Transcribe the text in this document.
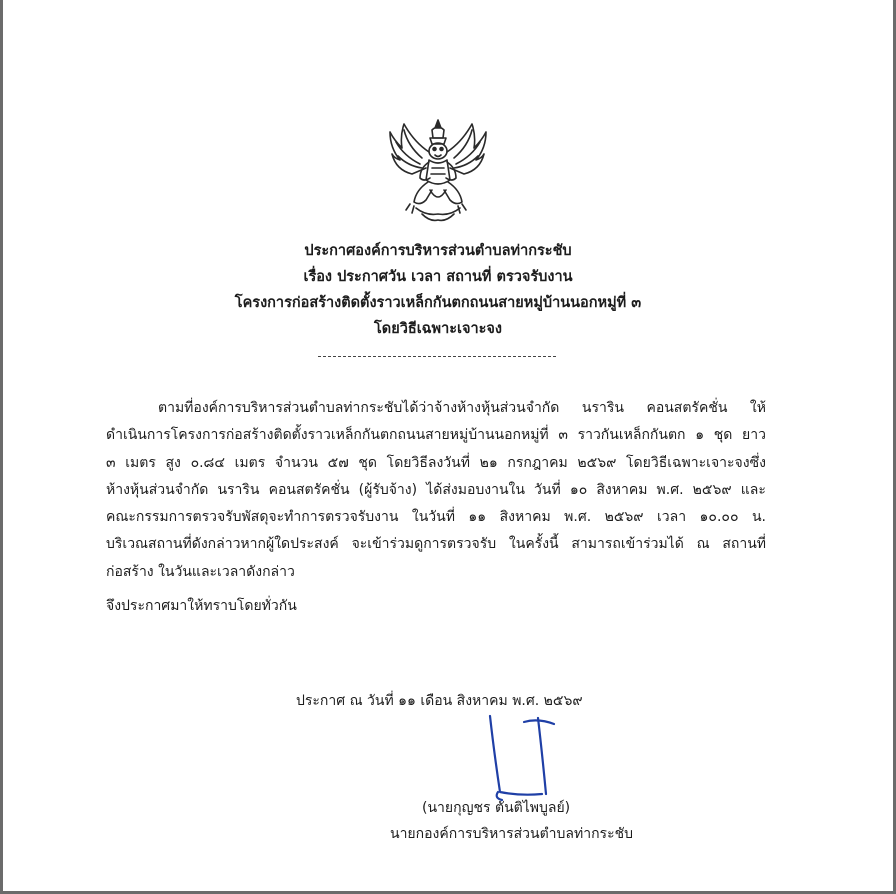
ประกาศองค์การบริหารส่วนตำบลท่ากระชับ
เรื่อง ประกาศวัน เวลา สถานที่ ตรวจรับงาน
โครงการก่อสร้างติดตั้งราวเหล็กกันตกถนนสายหมู่บ้านนอกหมู่ที่ ๓
โดยวิธีเฉพาะเจาะจง
ตามที่องค์การบริหารส่วนตำบลท่ากระชับได้ว่าจ้างห้างหุ้นส่วนจำกัด นราริน คอนสตรัคชั่น ให้
ดำเนินการโครงการก่อสร้างติดตั้งราวเหล็กกันตกถนนสายหมู่บ้านนอกหมู่ที่ ๓ ราวกันเหล็กกันตก ๑ ชุด ยาว
๓ เมตร สูง ๐.๘๔ เมตร จำนวน ๕๗ ชุด โดยวิธีลงวันที่ ๒๑ กรกฎาคม ๒๕๖๙ โดยวิธีเฉพาะเจาะจงซึ่ง
ห้างหุ้นส่วนจำกัด นราริน คอนสตรัคชั่น (ผู้รับจ้าง) ได้ส่งมอบงานใน วันที่ ๑๐ สิงหาคม พ.ศ. ๒๕๖๙ และ
คณะกรรมการตรวจรับพัสดุจะทำการตรวจรับงาน ในวันที่ ๑๑ สิงหาคม พ.ศ. ๒๕๖๙ เวลา ๑๐.๐๐ น.
บริเวณสถานที่ดังกล่าวหากผู้ใดประสงค์ จะเข้าร่วมดูการตรวจรับ ในครั้งนี้ สามารถเข้าร่วมได้ ณ สถานที่
ก่อสร้าง ในวันและเวลาดังกล่าว
จึงประกาศมาให้ทราบโดยทั่วกัน
ประกาศ ณ วันที่ ๑๑ เดือน สิงหาคม พ.ศ. ๒๕๖๙
(นายกุญชร ตันติไพบูลย์)
นายกองค์การบริหารส่วนตำบลท่ากระชับ
